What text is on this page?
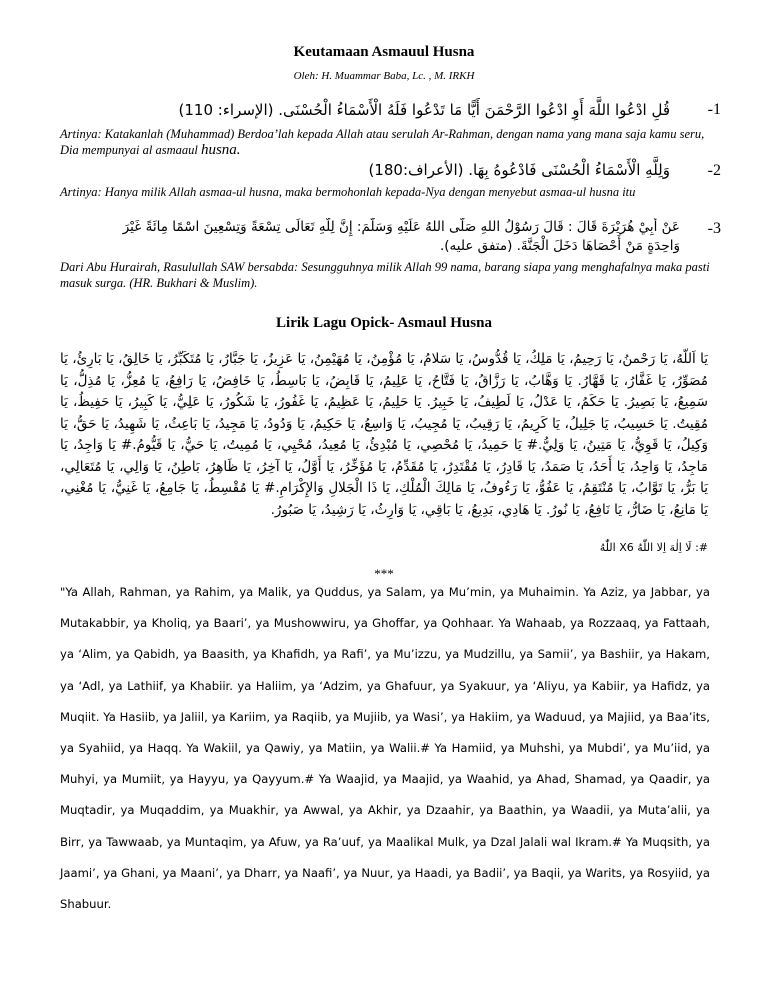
Keutamaan Asmauul Husna
Oleh: H. Muammar Baba, Lc. , M. IRKH
-1
قُلِ ادْعُوا اللَّهَ أَوِ ادْعُوا الرَّحْمَنَ أَيًّا مَا تَدْعُوا فَلَهُ الْأَسْمَاءُ الْحُسْنَى. (الإسراء: 110)
Artinya: Katakanlah (Muhammad) Berdoa’lah kepada Allah atau serulah Ar-Rahman, dengan nama yang mana saja kamu seru, Dia mempunyai al asmaaul husna.
-2
وَلِلَّهِ الْأَسْمَاءُ الْحُسْنَى فَادْعُوهُ بِهَا. (الأعراف:180)
Artinya: Hanya milik Allah asmaa-ul husna, maka bermohonlah kepada-Nya dengan menyebut asmaa-ul husna itu
-3
عَنْ أَبِيْ هُرَيْرَةَ قَالَ : قَالَ رَسُوْلُ اللهِ صَلَّى اللهُ عَلَيْهِ وَسَلَّمَ: إِنَّ لِلَّهِ تَعَالَى تِسْعَةً وَتِسْعِينَ اسْمًا مِائَةً غَيْرَ
وَاحِدَةٍ مَنْ أَحْصَاهَا دَخَلَ الْجَنَّةَ. (متفق عليه).
Dari Abu Hurairah, Rasulullah SAW bersabda: Sesungguhnya milik Allah 99 nama, barang siapa yang menghafalnya maka pasti masuk surga. (HR. Bukhari & Muslim).
Lirik Lagu Opick- Asmaul Husna
يَا اَللّهُ، يَا رَحْمنُ، يَا رَحِيمُ، يَا مَلِكُ، يَا قُدُّوسُ، يَا سَلامُ، يَا مُؤْمِنُ، يَا مُهَيْمِنُ، يَا عَزِيزُ، يَا جَبَّارُ، يَا مُتَكَبِّرُ، يَا خَالِقُ، يَا بَارِئُ، يَا مُصَوِّرُ، يَا غَفَّارُ، يَا قَهَّارُ. يَا وَهَّابُ، يَا رَزَّاقُ، يَا فَتَّاحُ، يَا عَلِيمُ، يَا قَابِضُ، يَا بَاسِطُ، يَا خَافِضُ، يَا رَافِعُ، يَا مُعِزُّ، يَا مُذِلُّ، يَا سَمِيعُ، يَا بَصِيرُ. يَا حَكَمُ، يَا عَدْلُ، يَا لَطِيفُ، يَا خَبِيرُ. يَا حَلِيمُ، يَا عَظِيمُ، يَا غَفُورُ، يَا شَكُورُ، يَا عَلِيُّ، يَا كَبِيرُ، يَا حَفِيظُ، يَا مُقِيتُ. يَا حَسِيبُ، يَا جَلِيلُ، يَا كَرِيمُ، يَا رَقِيبُ، يَا مُجِيبُ، يَا وَاسِعُ، يَا حَكِيمُ، يَا وَدُودُ، يَا مَجِيدُ، يَا بَاعِثُ، يَا شَهِيدُ، يَا حَقُّ، يَا وَكِيلُ، يَا قَوِيُّ، يَا مَتِينُ، يَا وَلِيُّ.# يَا حَمِيدُ، يَا مُحْصِي، يَا مُبْدِئُ، يَا مُعِيدُ، مُحْيِي، يَا مُمِيتُ، يَا حَيُّ، يَا قَيُّومُ.# يَا وَاجِدُ، يَا مَاجِدُ، يَا وَاحِدُ، يَا أَحَدُ، يَا صَمَدُ، يَا قَادِرُ، يَا مُقْتَدِرُ، يَا مُقَدِّمُ، يَا مُؤَخِّرُ، يَا أَوَّلُ، يَا آخِرُ، يَا ظَاهِرُ، بَاطِنُ، يَا وَالِي، يَا مُتَعَالِي، يَا بَرُّ، يَا تَوَّابُ، يَا مُنْتَقِمُ، يَا عَفُوُّ، يَا رَءُوفُ، يَا مَالِكَ الْمُلْكِ، يَا ذَا الْجَلالِ وَالإِكْرَامِ.# يَا مُقْسِطُ، يَا جَامِعُ، يَا غَنِيُّ، يَا مُغْنِي، يَا مَانِعُ، يَا ضَارُّ، يَا نَافِعُ، يَا نُورُ. يَا هَادِي، بَدِيعُ، يَا بَاقِي، يَا وَارِثُ، يَا رَشِيدُ، يَا صَبُورُ.
#: لَا اِلٰهَ اِلا اللّٰهُ X6 اللّٰهُ
***
"Ya Allah, Rahman, ya Rahim, ya Malik, ya Quddus, ya Salam, ya Mu’min, ya Muhaimin. Ya Aziz, ya Jabbar, ya Mutakabbir, ya Kholiq, ya Baari’, ya Mushowwiru, ya Ghoffar, ya Qohhaar. Ya Wahaab, ya Rozzaaq, ya Fattaah, ya ‘Alim, ya Qabidh, ya Baasith, ya Khafidh, ya Rafi’, ya Mu’izzu, ya Mudzillu, ya Samii’, ya Bashiir, ya Hakam, ya ‘Adl, ya Lathiif, ya Khabiir. ya Haliim, ya ‘Adzim, ya Ghafuur, ya Syakuur, ya ‘Aliyu, ya Kabiir, ya Hafidz, ya Muqiit. Ya Hasiib, ya Jaliil, ya Kariim, ya Raqiib, ya Mujiib, ya Wasi’, ya Hakiim, ya Waduud, ya Majiid, ya Baa’its, ya Syahiid, ya Haqq. Ya Wakiil, ya Qawiy, ya Matiin, ya Walii.# Ya Hamiid, ya Muhshi, ya Mubdi’, ya Mu’iid, ya Muhyi, ya Mumiit, ya Hayyu, ya Qayyum.# Ya Waajid, ya Maajid, ya Waahid, ya Ahad, Shamad, ya Qaadir, ya Muqtadir, ya Muqaddim, ya Muakhir, ya Awwal, ya Akhir, ya Dzaahir, ya Baathin, ya Waadii, ya Muta’alii, ya Birr, ya Tawwaab, ya Muntaqim, ya Afuw, ya Ra’uuf, ya Maalikal Mulk, ya Dzal Jalali wal Ikram.# Ya Muqsith, ya Jaami’, ya Ghani, ya Maani’, ya Dharr, ya Naafi’, ya Nuur, ya Haadi, ya Badii’, ya Baqii, ya Warits, ya Rosyiid, ya Shabuur.
